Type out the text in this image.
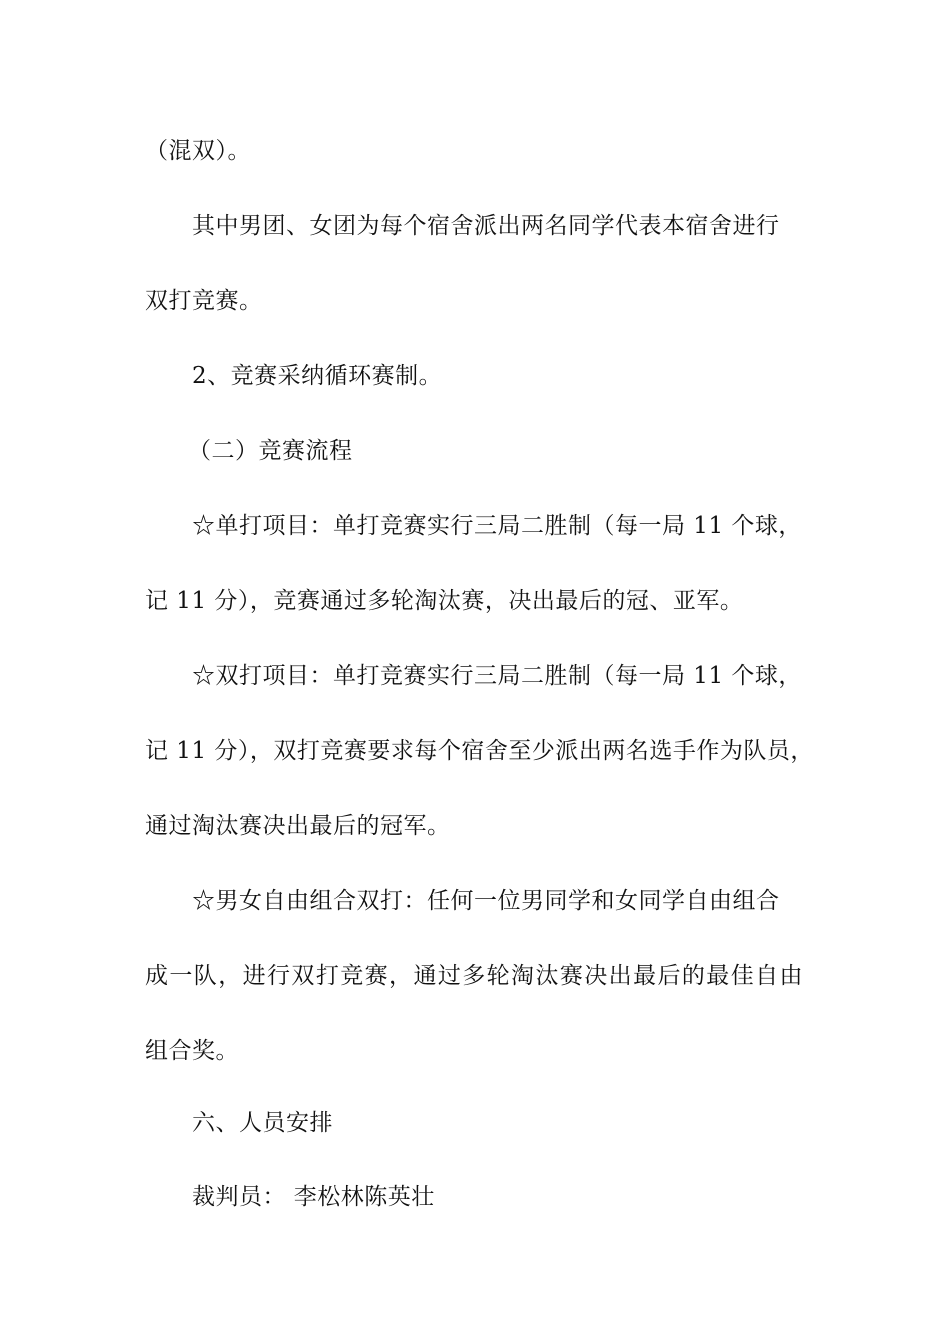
（混双）。
其中男团、女团为每个宿舍派出两名同学代表本宿舍进行
双打竞赛。
2、竞赛采纳循环赛制。
（二）竞赛流程
☆单打项目：单打竞赛实行三局二胜制（每一局 11 个球，
记 11 分），竞赛通过多轮淘汰赛，决出最后的冠、亚军。
☆双打项目：单打竞赛实行三局二胜制（每一局 11 个球，
记 11 分），双打竞赛要求每个宿舍至少派出两名选手作为队员，
通过淘汰赛决出最后的冠军。
☆男女自由组合双打：任何一位男同学和女同学自由组合
成一队，进行双打竞赛，通过多轮淘汰赛决出最后的最佳自由
组合奖。
六、人员安排
裁判员： 李松林陈英壮
